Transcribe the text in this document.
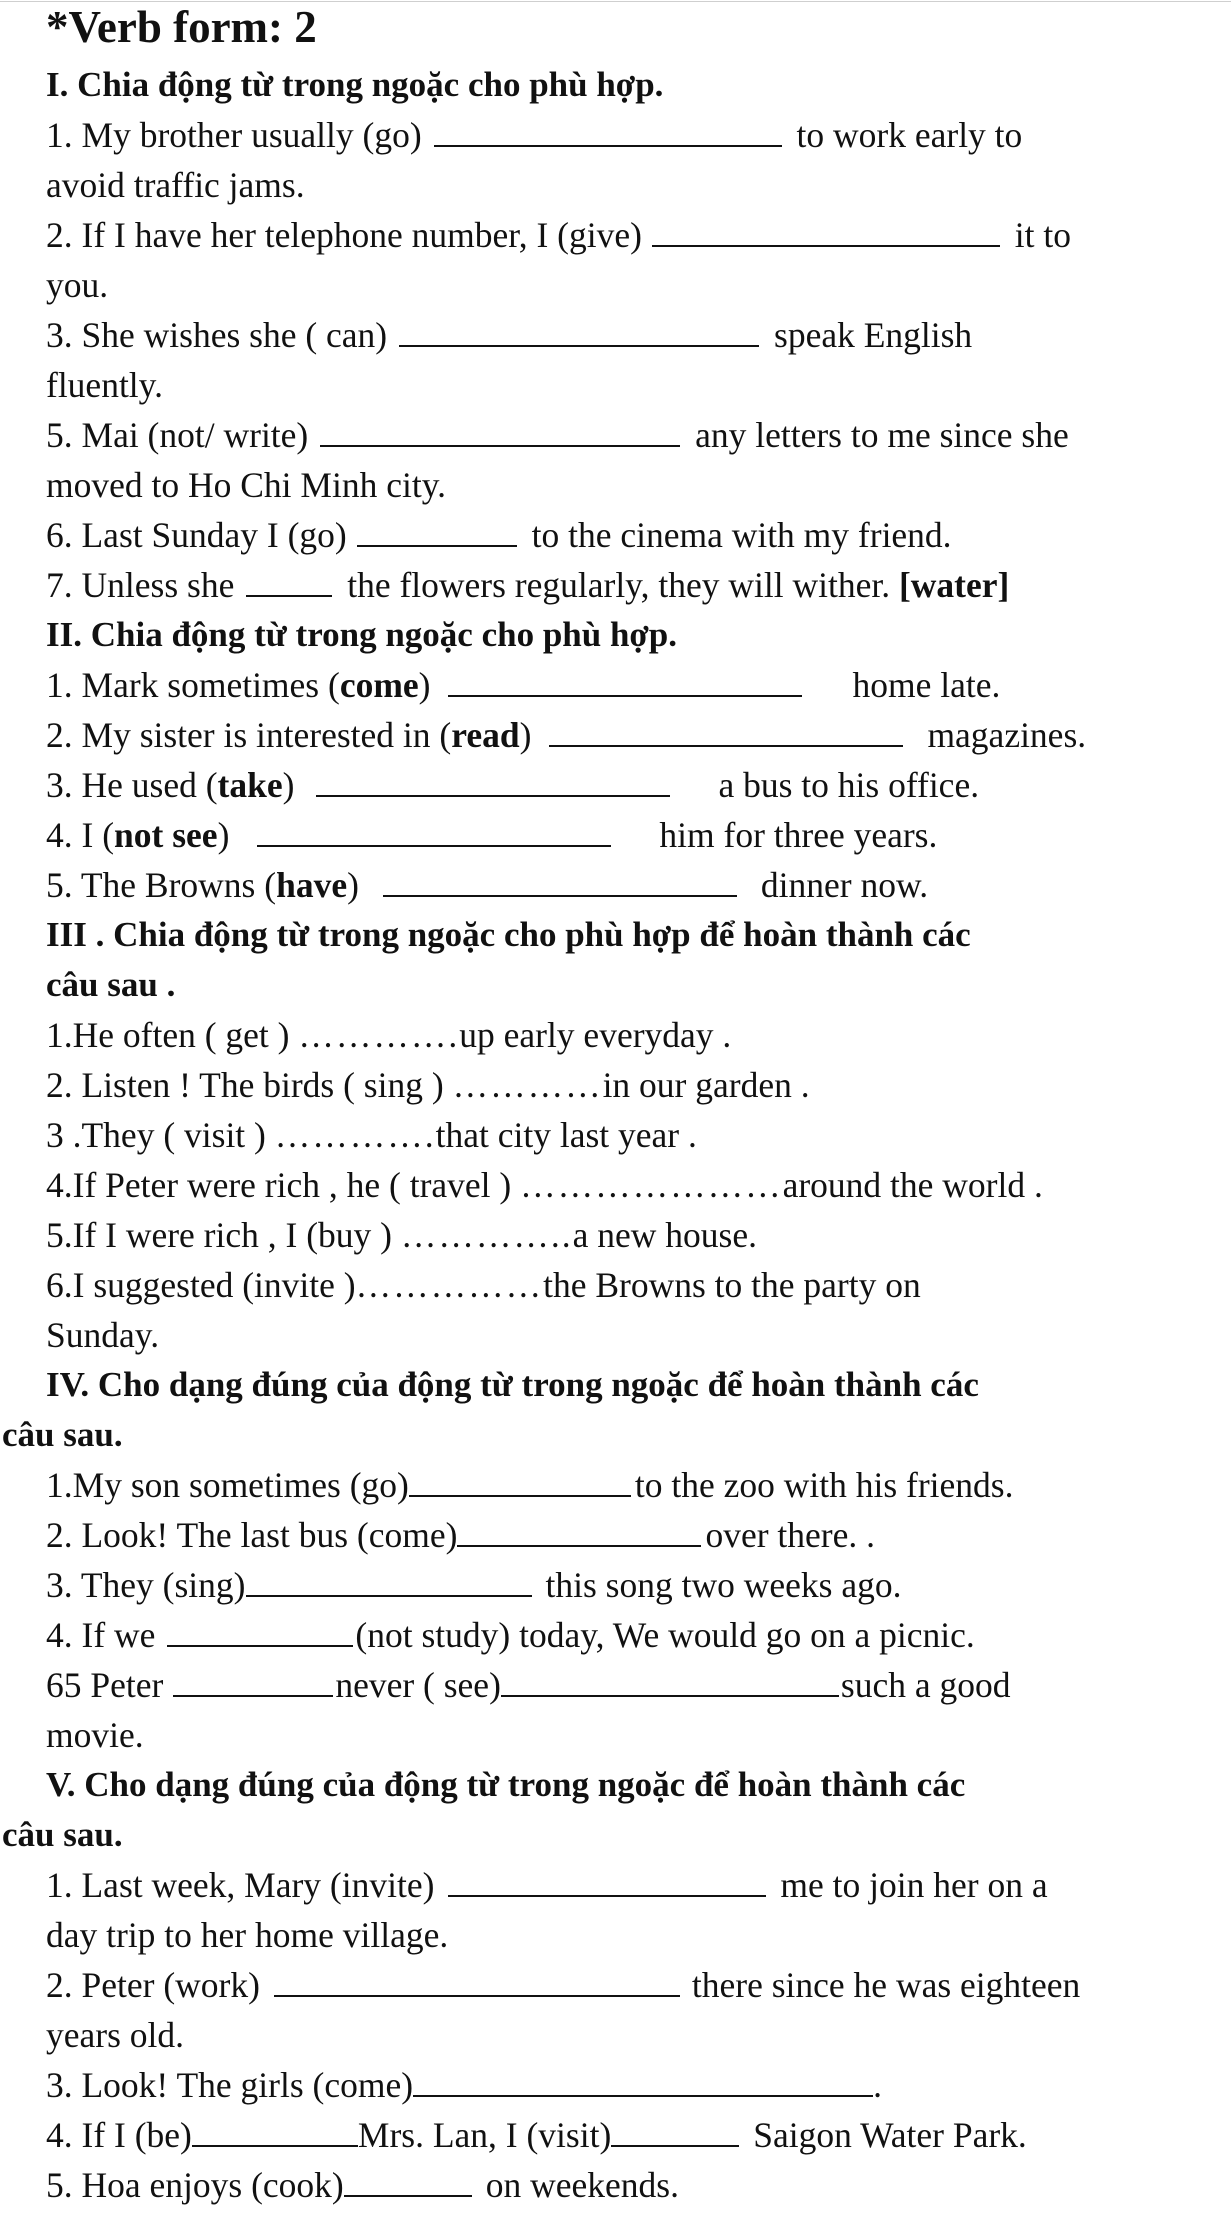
*Verb form: 2
I. Chia động từ trong ngoặc cho phù hợp.
1. My brother usually (go)	to work early to
avoid traffic jams.
2. If I have her telephone number, I (give)	it to
you.
3. She wishes she ( can)	speak English
fluently.
5. Mai (not/ write)	any letters to me since she
moved to Ho Chi Minh city.
6. Last Sunday I (go)	to the cinema with my friend.
7. Unless she	the flowers regularly, they will wither. [water]
II. Chia động từ trong ngoặc cho phù hợp.
1. Mark sometimes (come)	home late.
2. My sister is interested in (read)	magazines.
3. He used (take)	a bus to his office.
4. I (not see)	him for three years.
5. The Browns (have)	dinner now.
III . Chia động từ trong ngoặc cho phù hợp để hoàn thành các
câu sau .
1.He often ( get ) ………….up early everyday .
2. Listen ! The birds ( sing ) …………in our garden .
3 .They ( visit ) ………….that city last year .
4.If Peter were rich , he ( travel ) …………………around the world .
5.If I were rich , I (buy ) …………..a new house.
6.I suggested (invite )……………the Browns to the party on
Sunday.
IV. Cho dạng đúng của động từ trong ngoặc để hoàn thành các
câu sau.
1.My son sometimes (go)	to the zoo with his friends.
2. Look! The last bus (come)	over there. .
3. They (sing)	this song two weeks ago.
4. If we	(not study) today, We would go on a picnic.
65 Peter	never ( see)	such a good
movie.
V. Cho dạng đúng của động từ trong ngoặc để hoàn thành các
câu sau.
1. Last week, Mary (invite)	me to join her on a
day trip to her home village.
2. Peter (work)	there since he was eighteen
years old.
3. Look! The girls (come)	.
4. If I (be)	Mrs. Lan, I (visit)	Saigon Water Park.
5. Hoa enjoys (cook)	on weekends.
